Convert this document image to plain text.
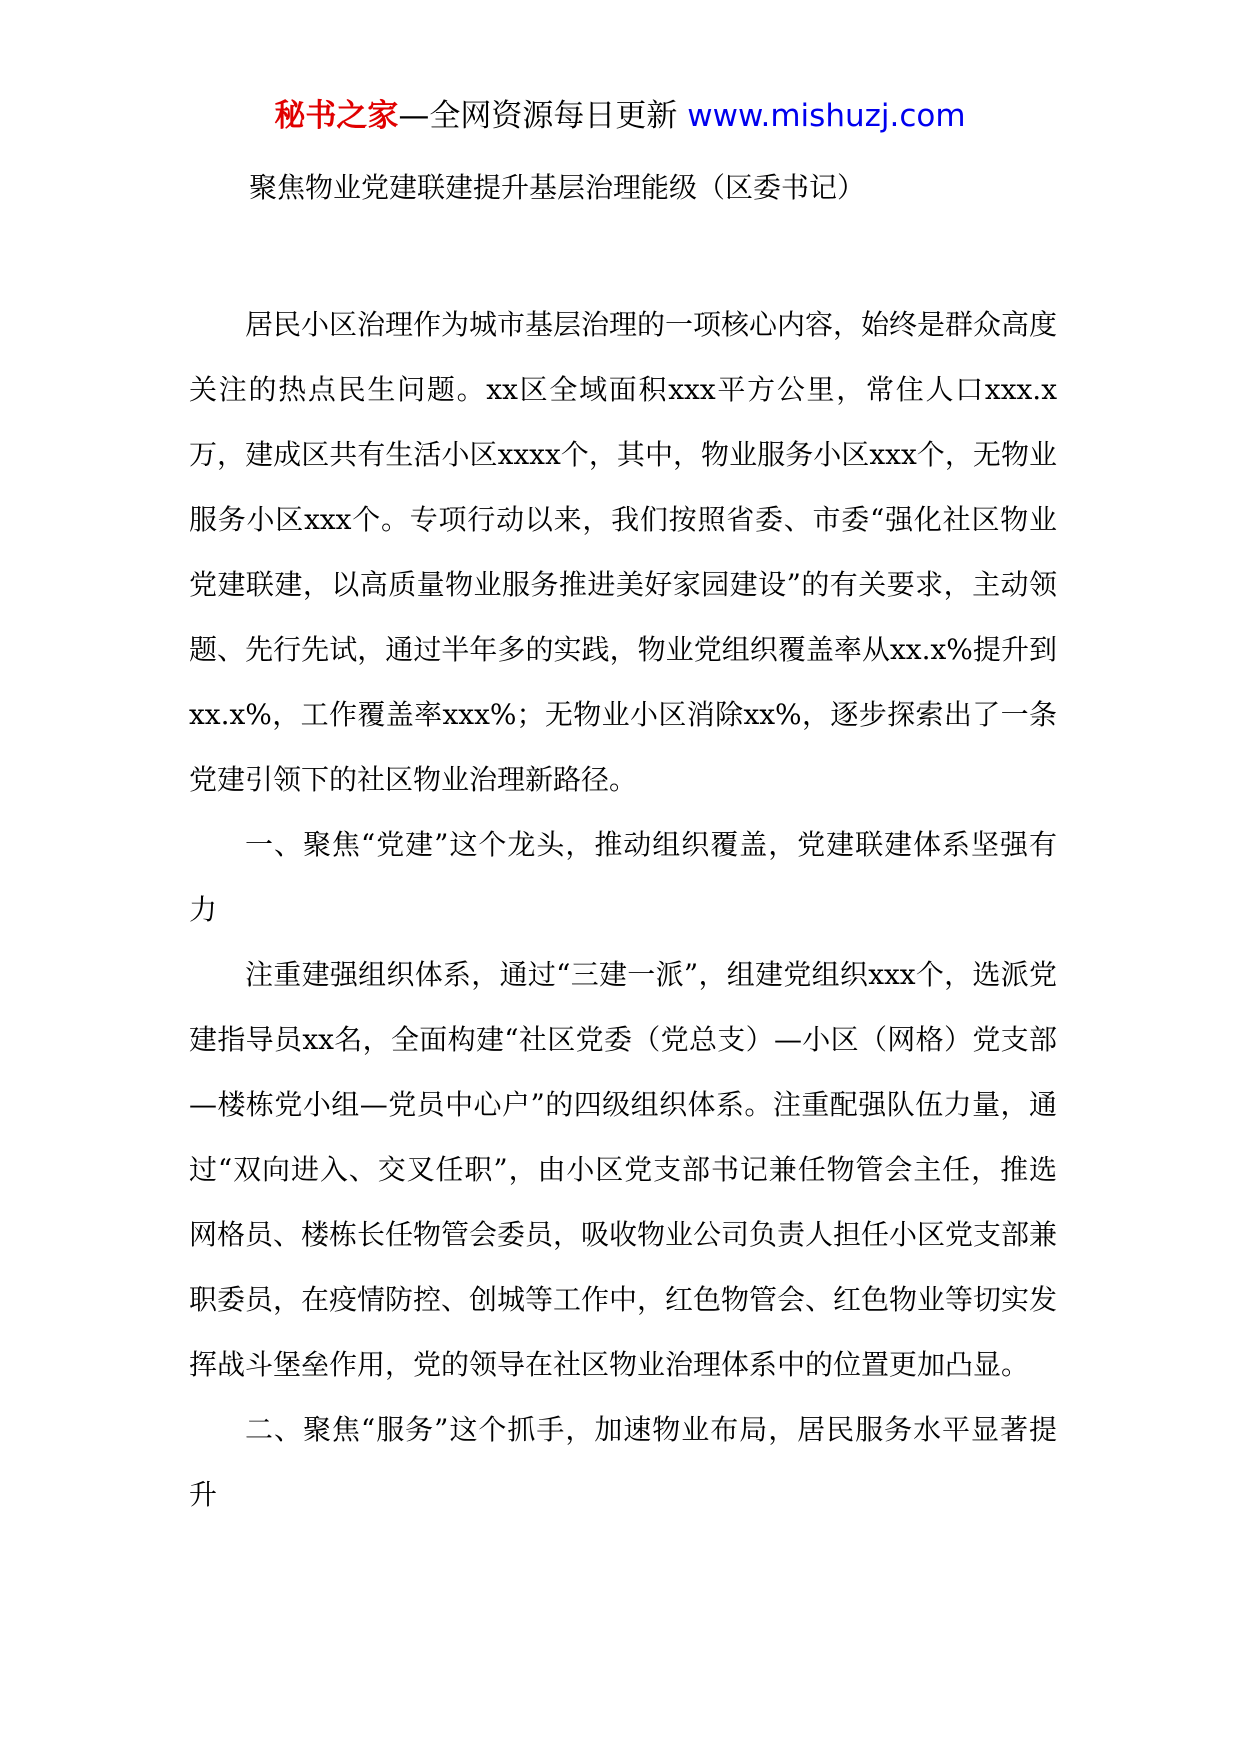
秘书之家—全网资源每日更新 www.mishuzj.com
聚焦物业党建联建提升基层治理能级（区委书记）

居民小区治理作为城市基层治理的一项核心内容，始终是群众高度关注的热点民生问题。xx区全域面积xxx平方公里，常住人口xxx.x万，建成区共有生活小区xxxx个，其中，物业服务小区xxx个，无物业服务小区xxx个。专项行动以来，我们按照省委、市委“强化社区物业党建联建，以高质量物业服务推进美好家园建设”的有关要求，主动领题、先行先试，通过半年多的实践，物业党组织覆盖率从xx.x%提升到xx.x%，工作覆盖率xxx%；无物业小区消除xx%，逐步探索出了一条党建引领下的社区物业治理新路径。

一、聚焦“党建”这个龙头，推动组织覆盖，党建联建体系坚强有力

注重建强组织体系，通过“三建一派”，组建党组织xxx个，选派党建指导员xx名，全面构建“社区党委（党总支）—小区（网格）党支部—楼栋党小组—党员中心户”的四级组织体系。注重配强队伍力量，通过“双向进入、交叉任职”，由小区党支部书记兼任物管会主任，推选网格员、楼栋长任物管会委员，吸收物业公司负责人担任小区党支部兼职委员，在疫情防控、创城等工作中，红色物管会、红色物业等切实发挥战斗堡垒作用，党的领导在社区物业治理体系中的位置更加凸显。

二、聚焦“服务”这个抓手，加速物业布局，居民服务水平显著提升
